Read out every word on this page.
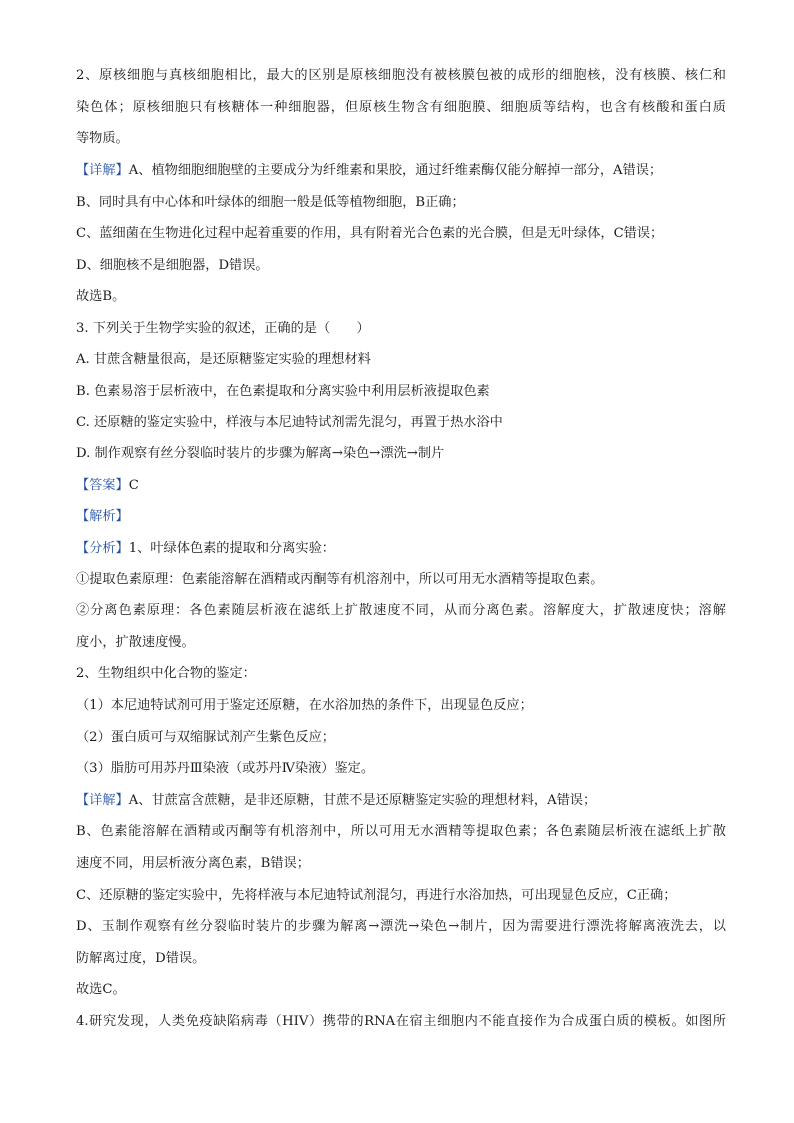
2、原核细胞与真核细胞相比，最大的区别是原核细胞没有被核膜包被的成形的细胞核，没有核膜、核仁和
染色体；原核细胞只有核糖体一种细胞器，但原核生物含有细胞膜、细胞质等结构，也含有核酸和蛋白质
等物质。
【详解】A、植物细胞细胞壁的主要成分为纤维素和果胶，通过纤维素酶仅能分解掉一部分，A错误；
B、同时具有中心体和叶绿体的细胞一般是低等植物细胞，B正确；
C、蓝细菌在生物进化过程中起着重要的作用，具有附着光合色素的光合膜，但是无叶绿体，C错误；
D、细胞核不是细胞器，D错误。
故选B。
3. 下列关于生物学实验的叙述，正确的是（　　）
A. 甘蔗含糖量很高，是还原糖鉴定实验的理想材料
B. 色素易溶于层析液中，在色素提取和分离实验中利用层析液提取色素
C. 还原糖的鉴定实验中，样液与本尼迪特试剂需先混匀，再置于热水浴中
D. 制作观察有丝分裂临时装片的步骤为解离→染色→漂洗→制片
【答案】C
【解析】
【分析】1、叶绿体色素的提取和分离实验：
①提取色素原理：色素能溶解在酒精或丙酮等有机溶剂中，所以可用无水酒精等提取色素。
②分离色素原理：各色素随层析液在滤纸上扩散速度不同，从而分离色素。溶解度大，扩散速度快；溶解
度小，扩散速度慢。
2、生物组织中化合物的鉴定：
（1）本尼迪特试剂可用于鉴定还原糖，在水浴加热的条件下，出现显色反应；
（2）蛋白质可与双缩脲试剂产生紫色反应；
（3）脂肪可用苏丹Ⅲ染液（或苏丹Ⅳ染液）鉴定。
【详解】A、甘蔗富含蔗糖，是非还原糖，甘蔗不是还原糖鉴定实验的理想材料，A错误；
B、色素能溶解在酒精或丙酮等有机溶剂中，所以可用无水酒精等提取色素；各色素随层析液在滤纸上扩散
速度不同，用层析液分离色素，B错误；
C、还原糖的鉴定实验中，先将样液与本尼迪特试剂混匀，再进行水浴加热，可出现显色反应，C正确；
D、玉制作观察有丝分裂临时装片的步骤为解离→漂洗→染色→制片，因为需要进行漂洗将解离液洗去，以
防解离过度，D错误。
故选C。
4.研究发现，人类免疫缺陷病毒（HIV）携带的RNA在宿主细胞内不能直接作为合成蛋白质的模板。如图所
